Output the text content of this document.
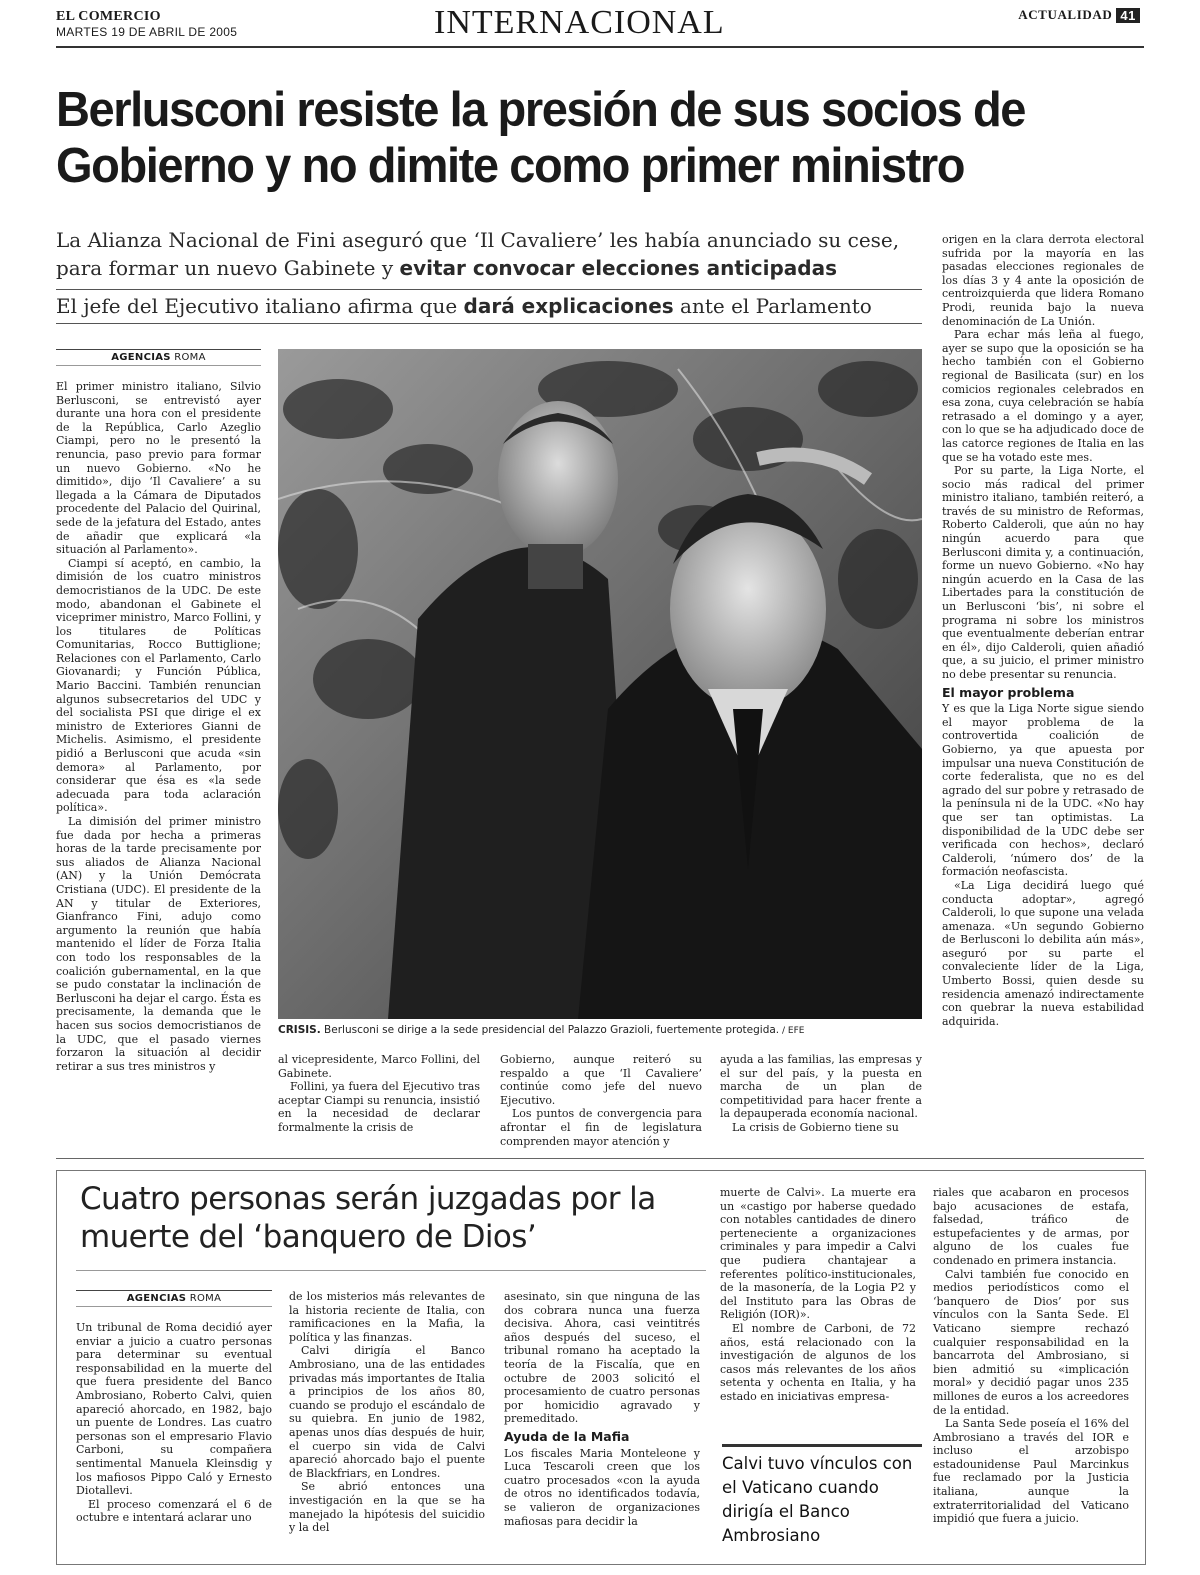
EL COMERCIO
MARTES 19 DE ABRIL DE 2005	INTERNACIONAL	ACTUALIDAD 41
Berlusconi resiste la presión de sus socios de Gobierno y no dimite como primer ministro
La Alianza Nacional de Fini aseguró que ‘Il Cavaliere’ les había anunciado su cese, para formar un nuevo Gabinete y evitar convocar elecciones anticipadas
El jefe del Ejecutivo italiano afirma que dará explicaciones ante el Parlamento
AGENCIAS ROMA

El primer ministro italiano, Silvio Berlusconi, se entrevistó ayer durante una hora con el presidente de la República, Carlo Azeglio Ciampi, pero no le presentó la renuncia, paso previo para formar un nuevo Gobierno. «No he dimitido», dijo ‘Il Cavaliere’ a su llegada a la Cámara de Diputados procedente del Palacio del Quirinal, sede de la jefatura del Estado, antes de añadir que explicará «la situación al Parlamento».

Ciampi sí aceptó, en cambio, la dimisión de los cuatro ministros democristianos de la UDC. De este modo, abandonan el Gabinete el viceprimer ministro, Marco Follini, y los titulares de Políticas Comunitarias, Rocco Buttiglione; Relaciones con el Parlamento, Carlo Giovanardi; y Función Pública, Mario Baccini. También renuncian algunos subsecretarios del UDC y del socialista PSI que dirige el ex ministro de Exteriores Gianni de Michelis. Asimismo, el presidente pidió a Berlusconi que acuda «sin demora» al Parlamento, por considerar que ésa es «la sede adecuada para toda aclaración política».

La dimisión del primer ministro fue dada por hecha a primeras horas de la tarde precisamente por sus aliados de Alianza Nacional (AN) y la Unión Demócrata Cristiana (UDC). El presidente de la AN y titular de Exteriores, Gianfranco Fini, adujo como argumento la reunión que había mantenido el líder de Forza Italia con todo los responsables de la coalición gubernamental, en la que se pudo constatar la inclinación de Berlusconi ha dejar el cargo. Ésta es precisamente, la demanda que le hacen sus socios democristianos de la UDC, que el pasado viernes forzaron la situación al decidir retirar a sus tres ministros y

CRISIS. Berlusconi se dirige a la sede presidencial del Palazzo Grazioli, fuertemente protegida. / EFE

al vicepresidente, Marco Follini, del Gabinete.

Follini, ya fuera del Ejecutivo tras aceptar Ciampi su renuncia, insistió en la necesidad de declarar formalmente la crisis de

Gobierno, aunque reiteró su respaldo a que ‘Il Cavaliere’ continúe como jefe del nuevo Ejecutivo.

Los puntos de convergencia para afrontar el fin de legislatura comprenden mayor atención y

ayuda a las familias, las empresas y el sur del país, y la puesta en marcha de un plan de competitividad para hacer frente a la depauperada economía nacional.

La crisis de Gobierno tiene su

origen en la clara derrota electoral sufrida por la mayoría en las pasadas elecciones regionales de los días 3 y 4 ante la oposición de centroizquierda que lidera Romano Prodi, reunida bajo la nueva denominación de La Unión.

Para echar más leña al fuego, ayer se supo que la oposición se ha hecho también con el Gobierno regional de Basilicata (sur) en los comicios regionales celebrados en esa zona, cuya celebración se había retrasado a el domingo y a ayer, con lo que se ha adjudicado doce de las catorce regiones de Italia en las que se ha votado este mes.

Por su parte, la Liga Norte, el socio más radical del primer ministro italiano, también reiteró, a través de su ministro de Reformas, Roberto Calderoli, que aún no hay ningún acuerdo para que Berlusconi dimita y, a continuación, forme un nuevo Gobierno. «No hay ningún acuerdo en la Casa de las Libertades para la constitución de un Berlusconi ‘bis’, ni sobre el programa ni sobre los ministros que eventualmente deberían entrar en él», dijo Calderoli, quien añadió que, a su juicio, el primer ministro no debe presentar su renuncia.

El mayor problema

Y es que la Liga Norte sigue siendo el mayor problema de la controvertida coalición de Gobierno, ya que apuesta por impulsar una nueva Constitución de corte federalista, que no es del agrado del sur pobre y retrasado de la península ni de la UDC. «No hay que ser tan optimistas. La disponibilidad de la UDC debe ser verificada con hechos», declaró Calderoli, ‘número dos’ de la formación neofascista.

«La Liga decidirá luego qué conducta adoptar», agregó Calderoli, lo que supone una velada amenaza. «Un segundo Gobierno de Berlusconi lo debilita aún más», aseguró por su parte el convaleciente líder de la Liga, Umberto Bossi, quien desde su residencia amenazó indirectamente con quebrar la nueva estabilidad adquirida.

Cuatro personas serán juzgadas por la muerte del ‘banquero de Dios’
AGENCIAS ROMA

Un tribunal de Roma decidió ayer enviar a juicio a cuatro personas para determinar su eventual responsabilidad en la muerte del que fuera presidente del Banco Ambrosiano, Roberto Calvi, quien apareció ahorcado, en 1982, bajo un puente de Londres. Las cuatro personas son el empresario Flavio Carboni, su compañera sentimental Manuela Kleinsdig y los mafiosos Pippo Caló y Ernesto Diotallevi.

El proceso comenzará el 6 de octubre e intentará aclarar uno

de los misterios más relevantes de la historia reciente de Italia, con ramificaciones en la Mafia, la política y las finanzas.

Calvi dirigía el Banco Ambrosiano, una de las entidades privadas más importantes de Italia a principios de los años 80, cuando se produjo el escándalo de su quiebra. En junio de 1982, apenas unos días después de huir, el cuerpo sin vida de Calvi apareció ahorcado bajo el puente de Blackfriars, en Londres.

Se abrió entonces una investigación en la que se ha manejado la hipótesis del suicidio y la del

asesinato, sin que ninguna de las dos cobrara nunca una fuerza decisiva. Ahora, casi veintitrés años después del suceso, el tribunal romano ha aceptado la teoría de la Fiscalía, que en octubre de 2003 solicitó el procesamiento de cuatro personas por homicidio agravado y premeditado.

Ayuda de la Mafia

Los fiscales Maria Monteleone y Luca Tescaroli creen que los cuatro procesados «con la ayuda de otros no identificados todavía, se valieron de organizaciones mafiosas para decidir la

muerte de Calvi». La muerte era un «castigo por haberse quedado con notables cantidades de dinero perteneciente a organizaciones criminales y para impedir a Calvi que pudiera chantajear a referentes político-institucionales, de la masonería, de la Logia P2 y del Instituto para las Obras de Religión (IOR)».

El nombre de Carboni, de 72 años, está relacionado con la investigación de algunos de los casos más relevantes de los años setenta y ochenta en Italia, y ha estado en iniciativas empresa-

riales que acabaron en procesos bajo acusaciones de estafa, falsedad, tráfico de estupefacientes y de armas, por alguno de los cuales fue condenado en primera instancia.

Calvi también fue conocido en medios periodísticos como el ‘banquero de Dios’ por sus vínculos con la Santa Sede. El Vaticano siempre rechazó cualquier responsabilidad en la bancarrota del Ambrosiano, si bien admitió su «implicación moral» y decidió pagar unos 235 millones de euros a los acreedores de la entidad.

La Santa Sede poseía el 16% del Ambrosiano a través del IOR e incluso el arzobispo estadounidense Paul Marcinkus fue reclamado por la Justicia italiana, aunque la extraterritorialidad del Vaticano impidió que fuera a juicio.

Calvi tuvo vínculos con el Vaticano cuando dirigía el Banco Ambrosiano
